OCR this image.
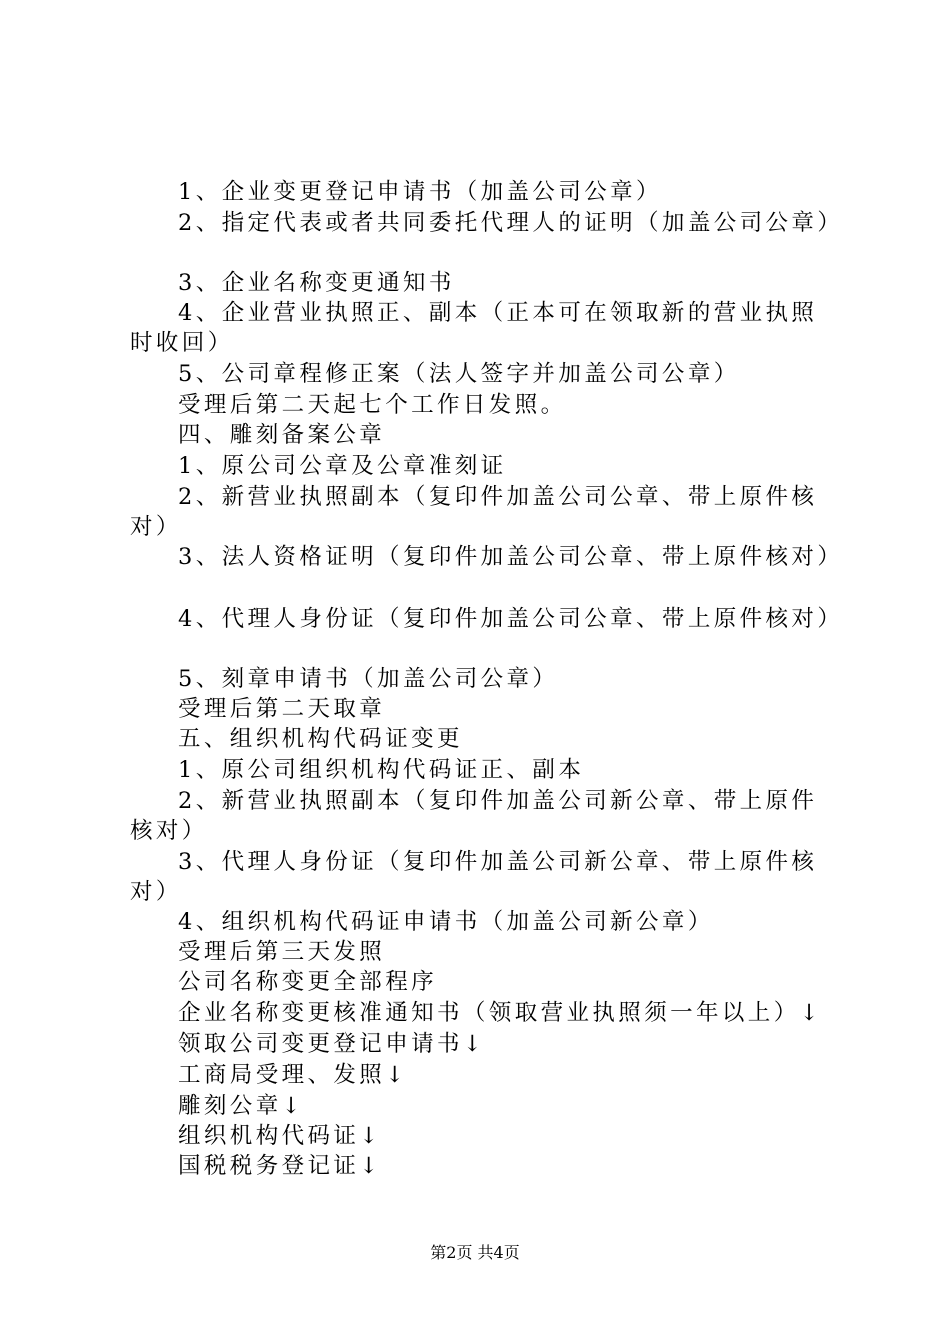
1、企业变更登记申请书（加盖公司公章）
2、指定代表或者共同委托代理人的证明（加盖公司公章）
3、企业名称变更通知书
4、企业营业执照正、副本（正本可在领取新的营业执照时收回）
5、公司章程修正案（法人签字并加盖公司公章）
受理后第二天起七个工作日发照。
四、雕刻备案公章
1、原公司公章及公章准刻证
2、新营业执照副本（复印件加盖公司公章、带上原件核对）
3、法人资格证明（复印件加盖公司公章、带上原件核对）
4、代理人身份证（复印件加盖公司公章、带上原件核对）
5、刻章申请书（加盖公司公章）
受理后第二天取章
五、组织机构代码证变更
1、原公司组织机构代码证正、副本
2、新营业执照副本（复印件加盖公司新公章、带上原件核对）
3、代理人身份证（复印件加盖公司新公章、带上原件核对）
4、组织机构代码证申请书（加盖公司新公章）
受理后第三天发照
公司名称变更全部程序
企业名称变更核准通知书（领取营业执照须一年以上）↓
领取公司变更登记申请书↓
工商局受理、发照↓
雕刻公章↓
组织机构代码证↓
国税税务登记证↓
第2页 共4页
